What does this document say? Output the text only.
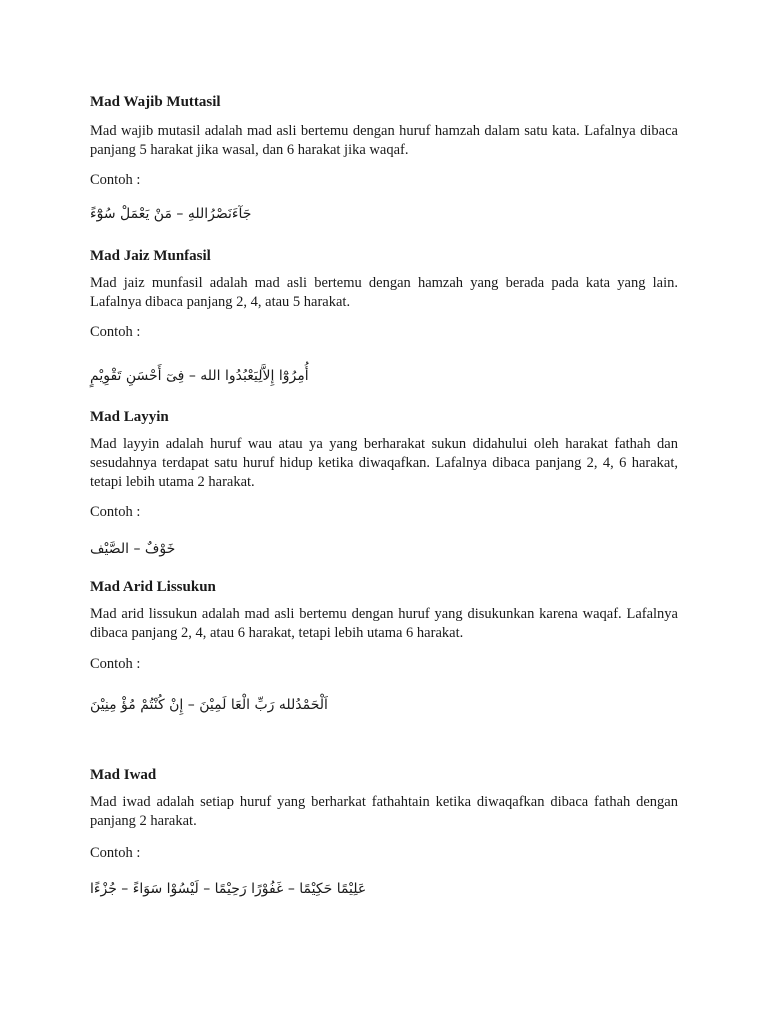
Mad Wajib Muttasil

Mad wajib mutasil adalah mad asli bertemu dengan huruf hamzah dalam satu kata. Lafalnya dibaca panjang 5 harakat jika wasal, dan 6 harakat jika waqaf.

Contoh :

جَآءَنَصْرُاللهِ – مَنْ يَعْمَلْ سُوْٓءً

Mad Jaiz Munfasil

Mad jaiz munfasil adalah mad asli bertemu dengan hamzah yang berada pada kata yang lain. Lafalnya dibaca panjang 2, 4, atau 5 harakat.

Contoh :

أُمِرُوْٓا إِلاَّلِيَعْبُدُوا الله – فِىٓ أَحْسَنِ تَقْوِيْمٍ

Mad Layyin

Mad layyin adalah huruf wau atau ya yang berharakat sukun didahului oleh harakat fathah dan sesudahnya terdapat satu huruf hidup ketika diwaqafkan. Lafalnya dibaca panjang 2, 4, 6 harakat, tetapi lebih utama 2 harakat.

Contoh :

خَوْفٌ – الصَّيْف

Mad Arid Lissukun

Mad arid lissukun adalah mad asli bertemu dengan huruf yang disukunkan karena waqaf. Lafalnya dibaca panjang 2, 4, atau 6 harakat, tetapi lebih utama 6 harakat.

Contoh :

اَلْحَمْدُلله رَبِّ الْعَا لَمِيْنَ – إِنْ كُنْتُمْ مُؤْ مِنِيْنَ

Mad Iwad

Mad iwad adalah setiap huruf yang berharkat fathahtain ketika diwaqafkan dibaca fathah dengan panjang 2 harakat.

Contoh :

عَلِيْمًا حَكِيْمًا – غَفُوْرًا رَحِيْمًا – لَيْسُوْا سَوَاءً – جُزْءًا
